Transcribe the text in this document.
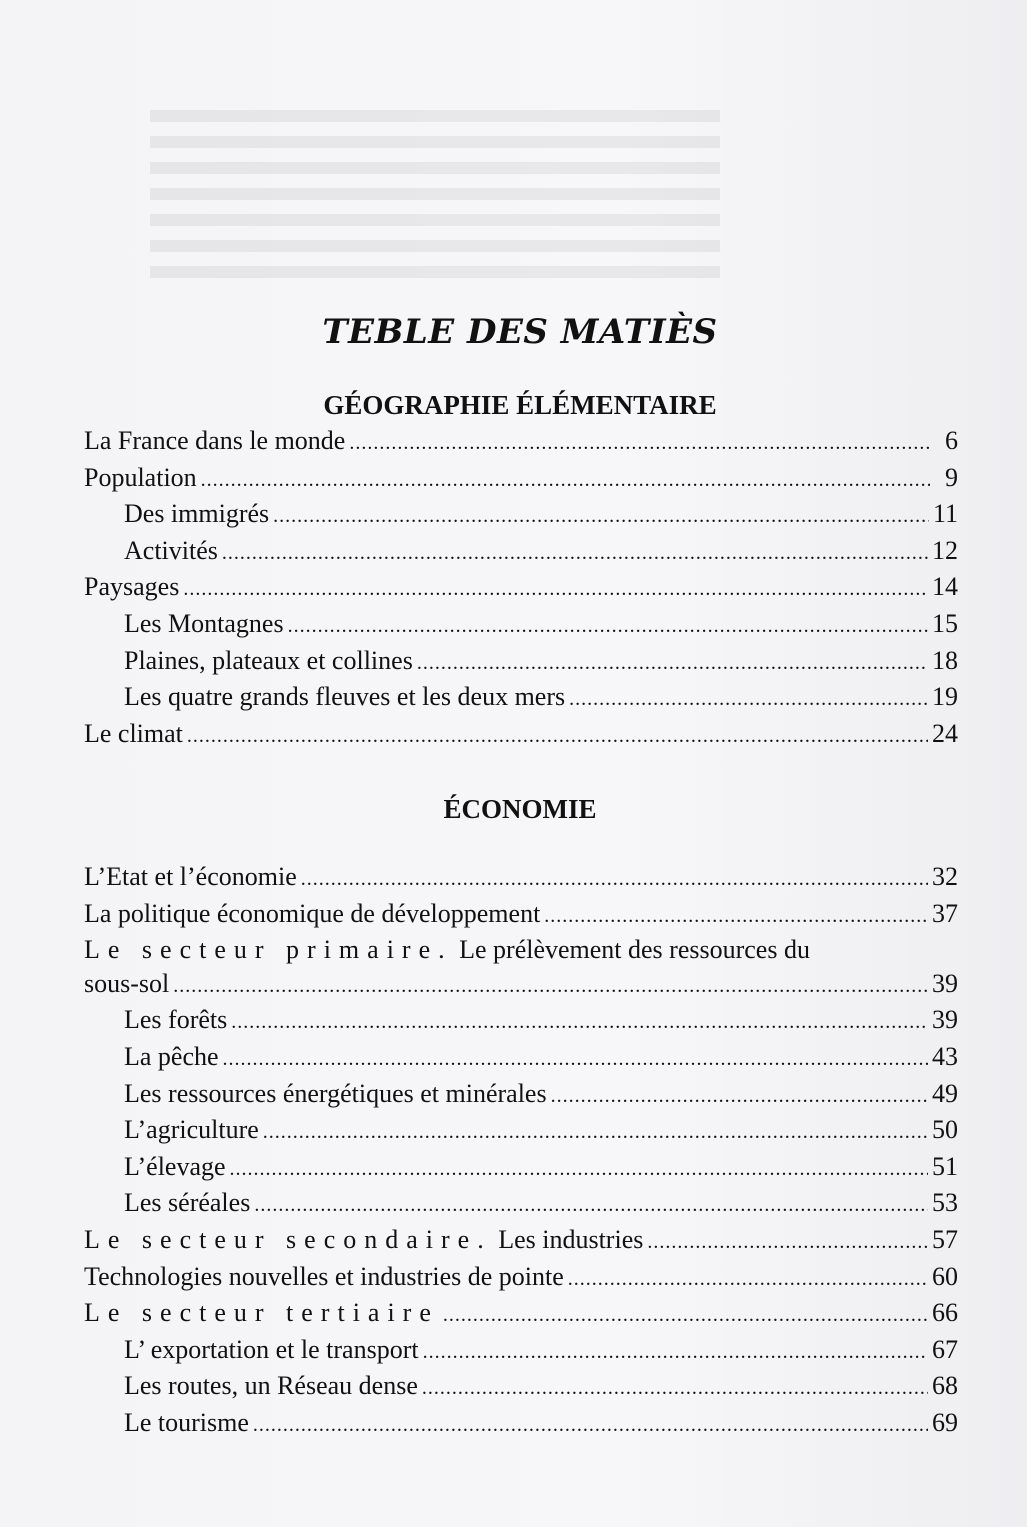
TEBLE DES MATIÈS
GÉOGRAPHIE ÉLÉMENTAIRE
La France dans le monde .....	6
Population .....	9
Des immigrés .....	11
Activités .....	12
Paysages .....	14
Les Montagnes .....	15
Plaines, plateaux et collines .....	18
Les quatre grands fleuves et les deux mers .....	19
Le climat .....	24
ÉCONOMIE
L’Etat et l’économie .....	32
La politique économique de développement .....	37
Le secteur primaire. Le prélèvement des ressources du
sous-sol .....	39
Les forêts .....	39
La pêche .....	43
Les ressources énergétiques et minérales .....	49
L’agriculture .....	50
L’élevage .....	51
Les séréales .....	53
Le secteur secondaire. Les industries .....	57
Technologies nouvelles et industries de pointe .....	60
Le secteur tertiaire .....	66
L’ exportation et le transport .....	67
Les routes, un Réseau dense .....	68
Le tourisme .....	69
